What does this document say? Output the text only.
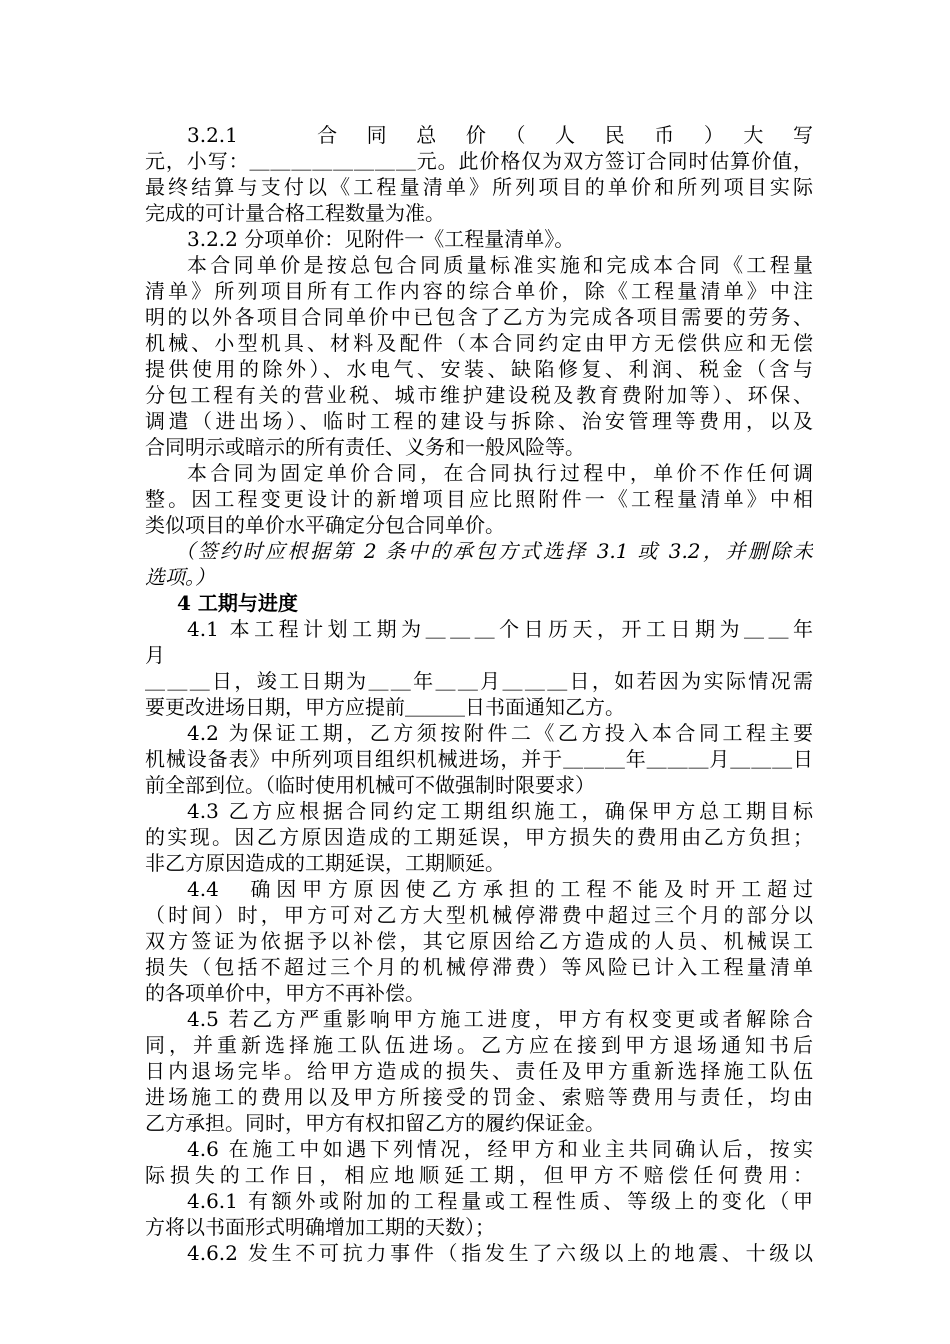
3.2.1　　　合　同　总　价　（　人　民　币　）　大　写
元，小写：＿＿＿＿＿＿＿＿元。此价格仅为双方签订合同时估算价值，
最终结算与支付以《工程量清单》所列项目的单价和所列项目实际
完成的可计量合格工程数量为准。
3.2.2 分项单价：见附件一《工程量清单》。
本合同单价是按总包合同质量标准实施和完成本合同《工程量
清单》所列项目所有工作内容的综合单价，除《工程量清单》中注
明的以外各项目合同单价中已包含了乙方为完成各项目需要的劳务、
机械、小型机具、材料及配件（本合同约定由甲方无偿供应和无偿
提供使用的除外）、水电气、安装、缺陷修复、利润、税金（含与
分包工程有关的营业税、城市维护建设税及教育费附加等）、环保、
调遣（进出场）、临时工程的建设与拆除、治安管理等费用，以及
合同明示或暗示的所有责任、义务和一般风险等。
本合同为固定单价合同，在合同执行过程中，单价不作任何调
整。因工程变更设计的新增项目应比照附件一《工程量清单》中相
类似项目的单价水平确定分包合同单价。
（签约时应根据第 2 条中的承包方式选择 3.1 或 3.2，并删除未
选项。）
4 工期与进度
4.1 本工程计划工期为＿＿＿个日历天，开工日期为＿＿年
月
＿＿＿日，竣工日期为＿＿年＿＿月＿＿＿日，如若因为实际情况需
要更改进场日期，甲方应提前＿＿＿日书面通知乙方。
4.2 为保证工期，乙方须按附件二《乙方投入本合同工程主要
机械设备表》中所列项目组织机械进场，并于＿＿＿年＿＿＿月＿＿＿日
前全部到位。（临时使用机械可不做强制时限要求）
4.3 乙方应根据合同约定工期组织施工，确保甲方总工期目标
的实现。因乙方原因造成的工期延误，甲方损失的费用由乙方负担；
非乙方原因造成的工期延误，工期顺延。
4.4　确因甲方原因使乙方承担的工程不能及时开工超过
（时间）时，甲方可对乙方大型机械停滞费中超过三个月的部分以
双方签证为依据予以补偿，其它原因给乙方造成的人员、机械误工
损失（包括不超过三个月的机械停滞费）等风险已计入工程量清单
的各项单价中，甲方不再补偿。
4.5 若乙方严重影响甲方施工进度，甲方有权变更或者解除合
同，并重新选择施工队伍进场。乙方应在接到甲方退场通知书后
日内退场完毕。给甲方造成的损失、责任及甲方重新选择施工队伍
进场施工的费用以及甲方所接受的罚金、索赔等费用与责任，均由
乙方承担。同时，甲方有权扣留乙方的履约保证金。
4.6 在施工中如遇下列情况，经甲方和业主共同确认后，按实
际损失的工作日，相应地顺延工期，但甲方不赔偿任何费用：
4.6.1 有额外或附加的工程量或工程性质、等级上的变化（甲
方将以书面形式明确增加工期的天数）；
4.6.2 发生不可抗力事件（指发生了六级以上的地震、十级以
